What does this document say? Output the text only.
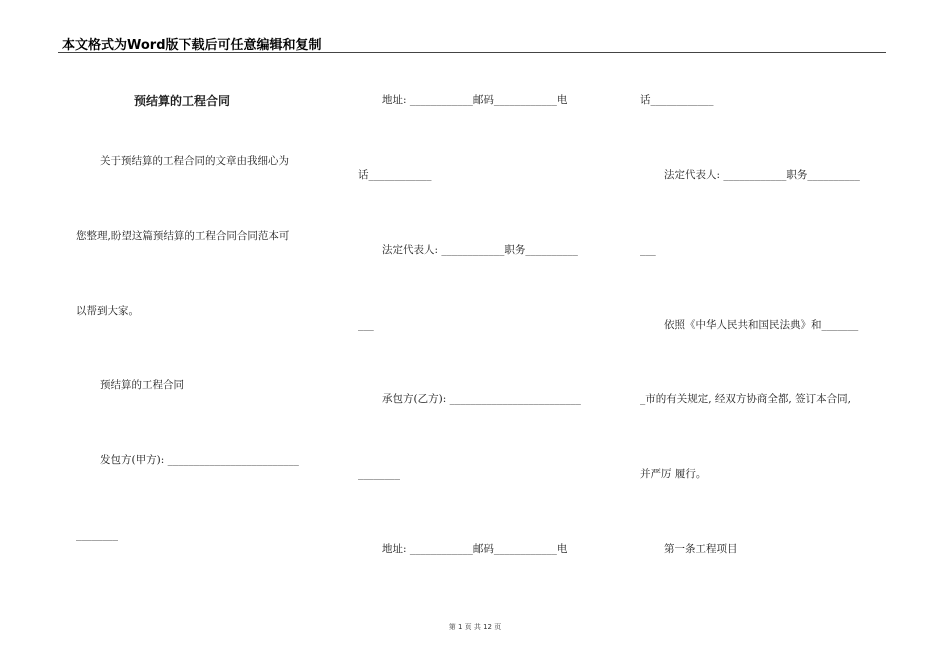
本文格式为Word版下载后可任意编辑和复制
预结算的工程合同
关于预结算的工程合同的文章由我细心为
您整理,盼望这篇预结算的工程合同合同范本可
以帮到大家。
预结算的工程合同
发包方(甲方): _________________________
________
地址: ____________邮码____________电
话____________
法定代表人: ____________职务__________
___
承包方(乙方): _________________________
________
地址: ____________邮码____________电
话____________
法定代表人: ____________职务__________
___
依照《中华人民共和国民法典》和_______
_市的有关规定, 经双方协商全都, 签订本合同,
并严厉 履行。
第一条工程项目
第 1 页 共 12 页
